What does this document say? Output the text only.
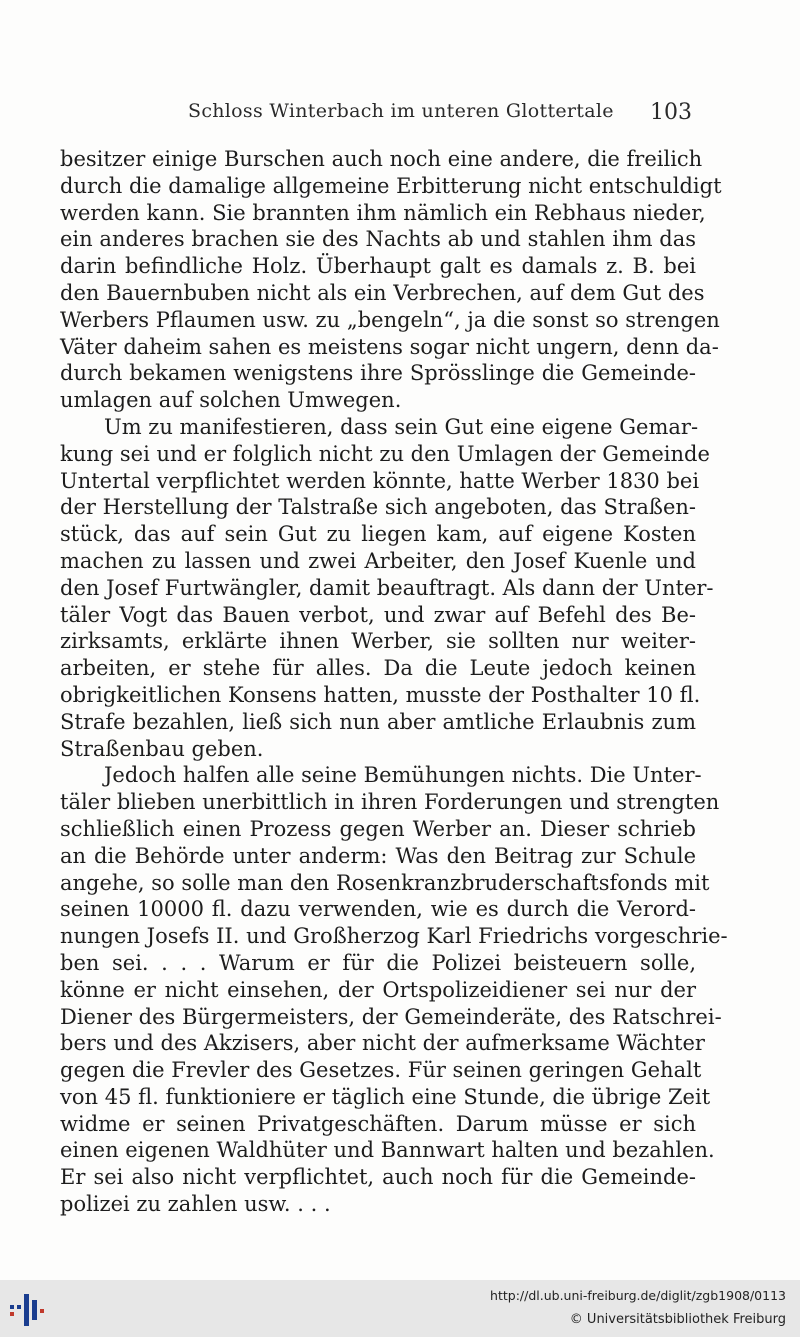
Schloss Winterbach im unteren Glottertale 103
besitzer einige Burschen auch noch eine andere, die freilich
durch die damalige allgemeine Erbitterung nicht entschuldigt
werden kann. Sie brannten ihm nämlich ein Rebhaus nieder,
ein anderes brachen sie des Nachts ab und stahlen ihm das
darin befindliche Holz. Überhaupt galt es damals z. B. bei
den Bauernbuben nicht als ein Verbrechen, auf dem Gut des
Werbers Pflaumen usw. zu „bengeln“, ja die sonst so strengen
Väter daheim sahen es meistens sogar nicht ungern, denn da-
durch bekamen wenigstens ihre Sprösslinge die Gemeinde-
umlagen auf solchen Umwegen.
Um zu manifestieren, dass sein Gut eine eigene Gemar-
kung sei und er folglich nicht zu den Umlagen der Gemeinde
Untertal verpflichtet werden könnte, hatte Werber 1830 bei
der Herstellung der Talstraße sich angeboten, das Straßen-
stück, das auf sein Gut zu liegen kam, auf eigene Kosten
machen zu lassen und zwei Arbeiter, den Josef Kuenle und
den Josef Furtwängler, damit beauftragt. Als dann der Unter-
täler Vogt das Bauen verbot, und zwar auf Befehl des Be-
zirksamts, erklärte ihnen Werber, sie sollten nur weiter-
arbeiten, er stehe für alles. Da die Leute jedoch keinen
obrigkeitlichen Konsens hatten, musste der Posthalter 10 fl.
Strafe bezahlen, ließ sich nun aber amtliche Erlaubnis zum
Straßenbau geben.
Jedoch halfen alle seine Bemühungen nichts. Die Unter-
täler blieben unerbittlich in ihren Forderungen und strengten
schließlich einen Prozess gegen Werber an. Dieser schrieb
an die Behörde unter anderm: Was den Beitrag zur Schule
angehe, so solle man den Rosenkranzbruderschaftsfonds mit
seinen 10000 fl. dazu verwenden, wie es durch die Verord-
nungen Josefs II. und Großherzog Karl Friedrichs vorgeschrie-
ben sei. . . . Warum er für die Polizei beisteuern solle,
könne er nicht einsehen, der Ortspolizeidiener sei nur der
Diener des Bürgermeisters, der Gemeinderäte, des Ratschrei-
bers und des Akzisers, aber nicht der aufmerksame Wächter
gegen die Frevler des Gesetzes. Für seinen geringen Gehalt
von 45 fl. funktioniere er täglich eine Stunde, die übrige Zeit
widme er seinen Privatgeschäften. Darum müsse er sich
einen eigenen Waldhüter und Bannwart halten und bezahlen.
Er sei also nicht verpflichtet, auch noch für die Gemeinde-
polizei zu zahlen usw. . . .
http://dl.ub.uni-freiburg.de/diglit/zgb1908/0113
© Universitätsbibliothek Freiburg
